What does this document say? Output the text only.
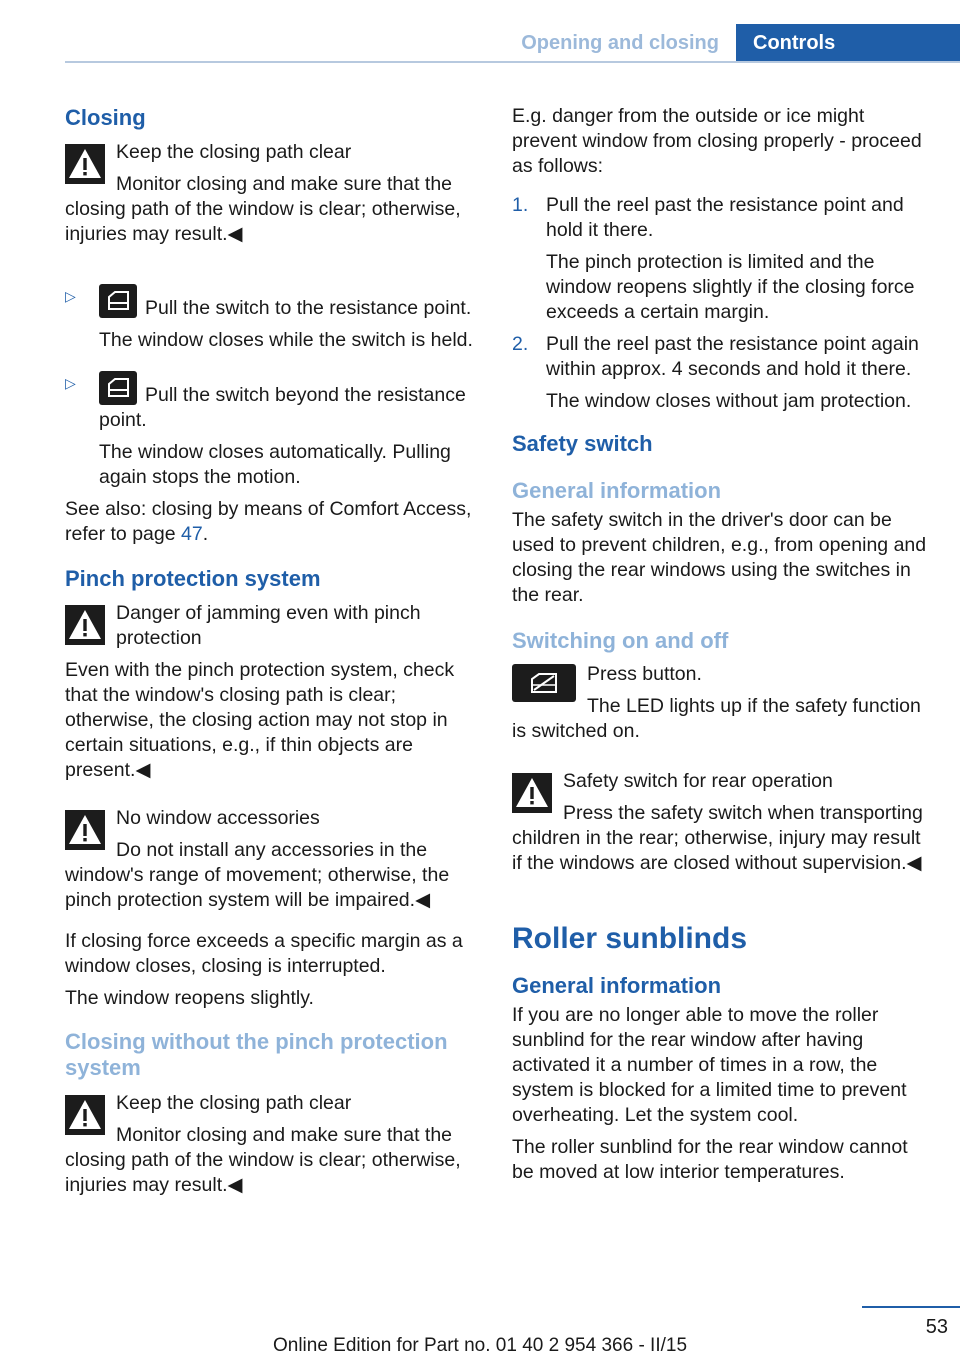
Opening and closing	Controls
Closing

Keep the closing path clear

Monitor closing and make sure that the closing path of the window is clear; otherwise, injuries may result.◀

▷

Pull the switch to the resistance point.

The window closes while the switch is held.

▷

Pull the switch beyond the resistance point.

The window closes automatically. Pulling again stops the motion.

See also: closing by means of Comfort Access, refer to page 47.

Pinch protection system

Danger of jamming even with pinch protection

Even with the pinch protection system, check that the window's closing path is clear; otherwise, the closing action may not stop in certain situations, e.g., if thin objects are present.◀

No window accessories

Do not install any accessories in the window's range of movement; otherwise, the pinch protection system will be impaired.◀

If closing force exceeds a specific margin as a window closes, closing is interrupted.

The window reopens slightly.

Closing without the pinch protection system

Keep the closing path clear

Monitor closing and make sure that the closing path of the window is clear; otherwise, injuries may result.◀

E.g. danger from the outside or ice might prevent window from closing properly - proceed as follows:

1. Pull the reel past the resistance point and hold it there.

The pinch protection is limited and the window reopens slightly if the closing force exceeds a certain margin.

2. Pull the reel past the resistance point again within approx. 4 seconds and hold it there.

The window closes without jam protection.

Safety switch
General information

The safety switch in the driver's door can be used to prevent children, e.g., from opening and closing the rear windows using the switches in the rear.

Switching on and off

Press button.

The LED lights up if the safety function is switched on.

Safety switch for rear operation

Press the safety switch when transporting children in the rear; otherwise, injury may result if the windows are closed without supervision.◀

Roller sunblinds
General information

If you are no longer able to move the roller sunblind for the rear window after having activated it a number of times in a row, the system is blocked for a limited time to prevent overheating. Let the system cool.

The roller sunblind for the rear window cannot be moved at low interior temperatures.

53
Online Edition for Part no. 01 40 2 954 366 - II/15
